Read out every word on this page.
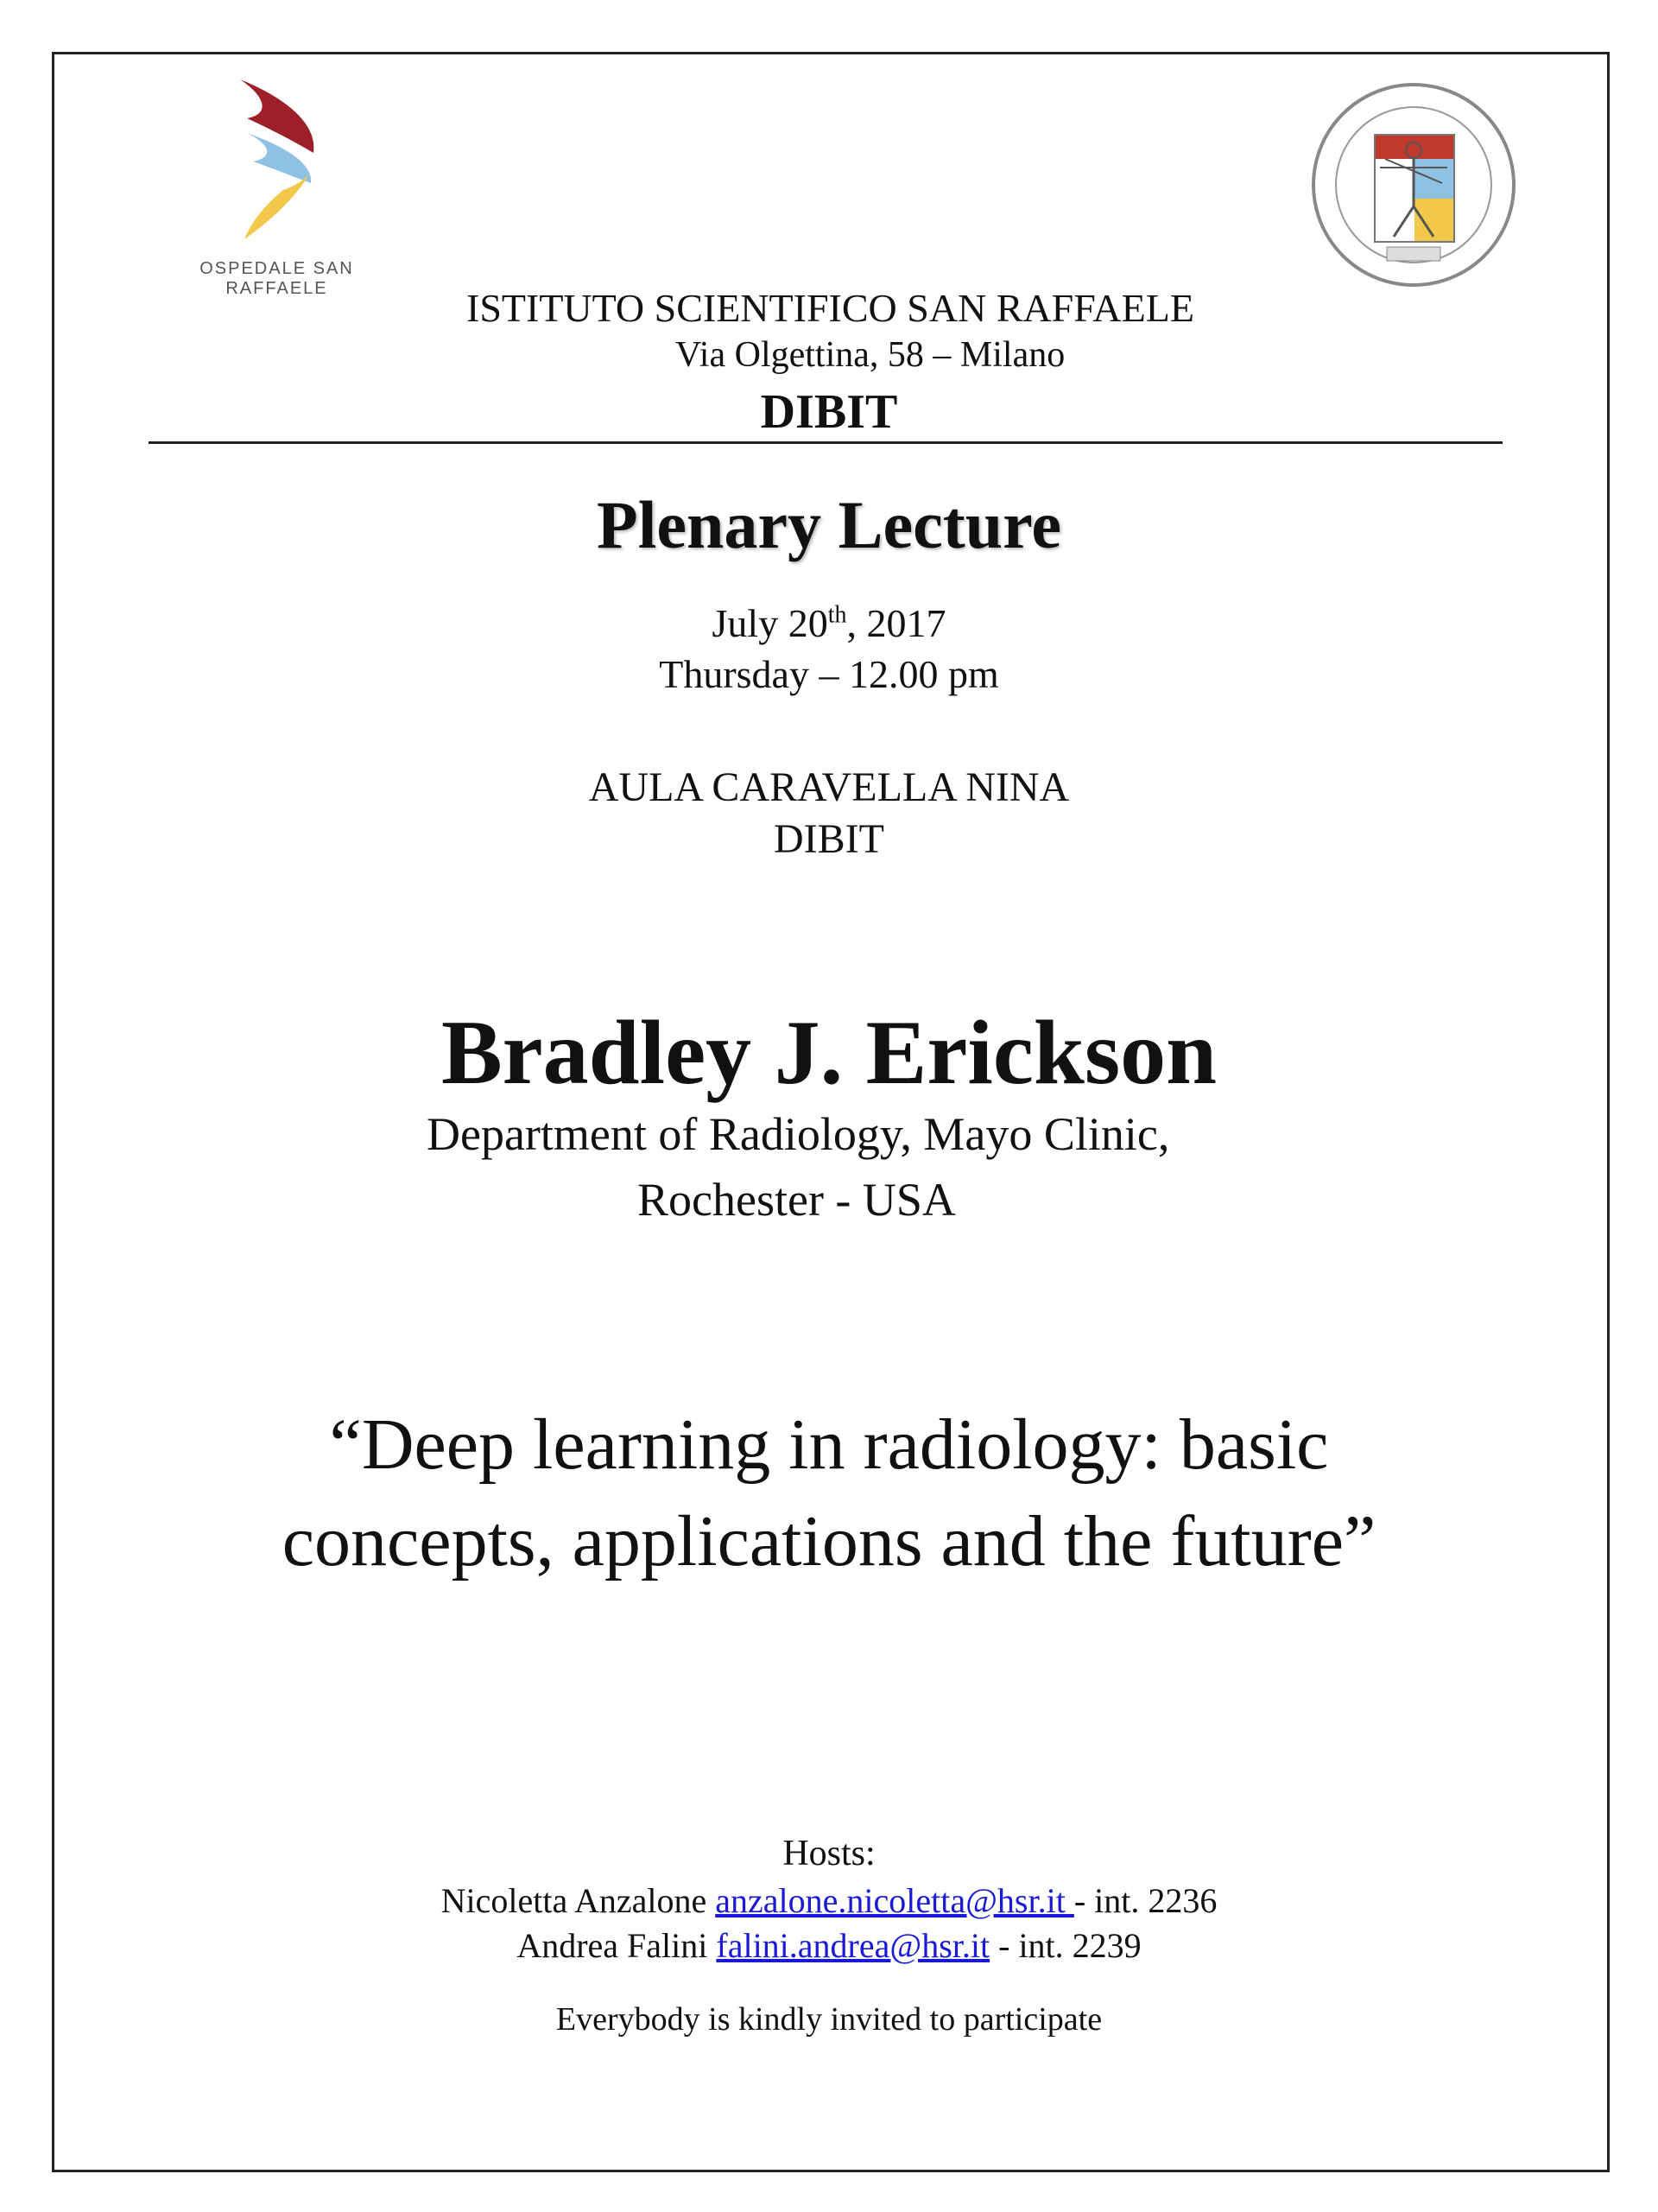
OSPEDALE SAN RAFFAELE	ISTITUTO SCIENTIFICO SAN RAFFAELE
Via Olgettina, 58 – Milano
DIBIT
Plenary Lecture
July 20th, 2017
Thursday – 12.00 pm
AULA CARAVELLA NINA
DIBIT
Bradley J. Erickson
Department of Radiology, Mayo Clinic,
Rochester - USA
“Deep learning in radiology: basic
concepts, applications and the future”
Hosts:
Nicoletta Anzalone anzalone.nicoletta@hsr.it - int. 2236
Andrea Falini falini.andrea@hsr.it - int. 2239
Everybody is kindly invited to participate
